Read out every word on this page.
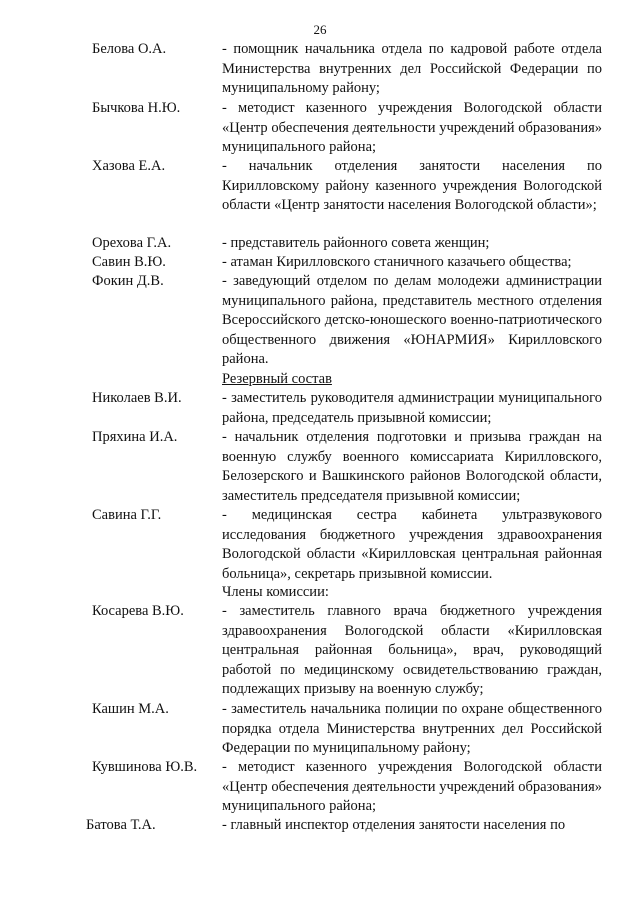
26
Белова О.А.	- помощник начальника отдела по кадровой работе отдела Министерства внутренних дел Российской Федерации по муниципальному району;
Бычкова Н.Ю.	- методист казенного учреждения Вологодской области «Центр обеспечения деятельности учреждений образования» муниципального района;
Хазова Е.А.	- начальник отделения занятости населения по Кирилловскому району казенного учреждения Вологодской области «Центр занятости населения Вологодской области»;
Орехова Г.А.	- представитель районного совета женщин;
Савин В.Ю.	- атаман Кирилловского станичного казачьего общества;
Фокин Д.В.	- заведующий отделом по делам молодежи администрации муниципального района, представитель местного отделения Всероссийского детско-юношеского военно-патриотического общественного движения «ЮНАРМИЯ» Кирилловского района.
Резервный состав
Николаев В.И.	- заместитель руководителя администрации муниципального района, председатель призывной комиссии;
Пряхина И.А.	- начальник отделения подготовки и призыва граждан на военную службу военного комиссариата Кирилловского, Белозерского и Вашкинского районов Вологодской области, заместитель председателя призывной комиссии;
Савина Г.Г.	- медицинская сестра кабинета ультразвукового исследования бюджетного учреждения здравоохранения Вологодской области «Кирилловская центральная районная больница», секретарь призывной комиссии.
Члены комиссии:
Косарева В.Ю.	- заместитель главного врача бюджетного учреждения здравоохранения Вологодской области «Кирилловская центральная районная больница», врач, руководящий работой по медицинскому освидетельствованию граждан, подлежащих призыву на военную службу;
Кашин М.А.	- заместитель начальника полиции по охране общественного порядка отдела Министерства внутренних дел Российской Федерации по муниципальному району;
Кувшинова Ю.В. - методист казенного учреждения Вологодской области «Центр обеспечения деятельности учреждений образования» муниципального района;
Батова Т.А.	- главный инспектор отделения занятости населения по
